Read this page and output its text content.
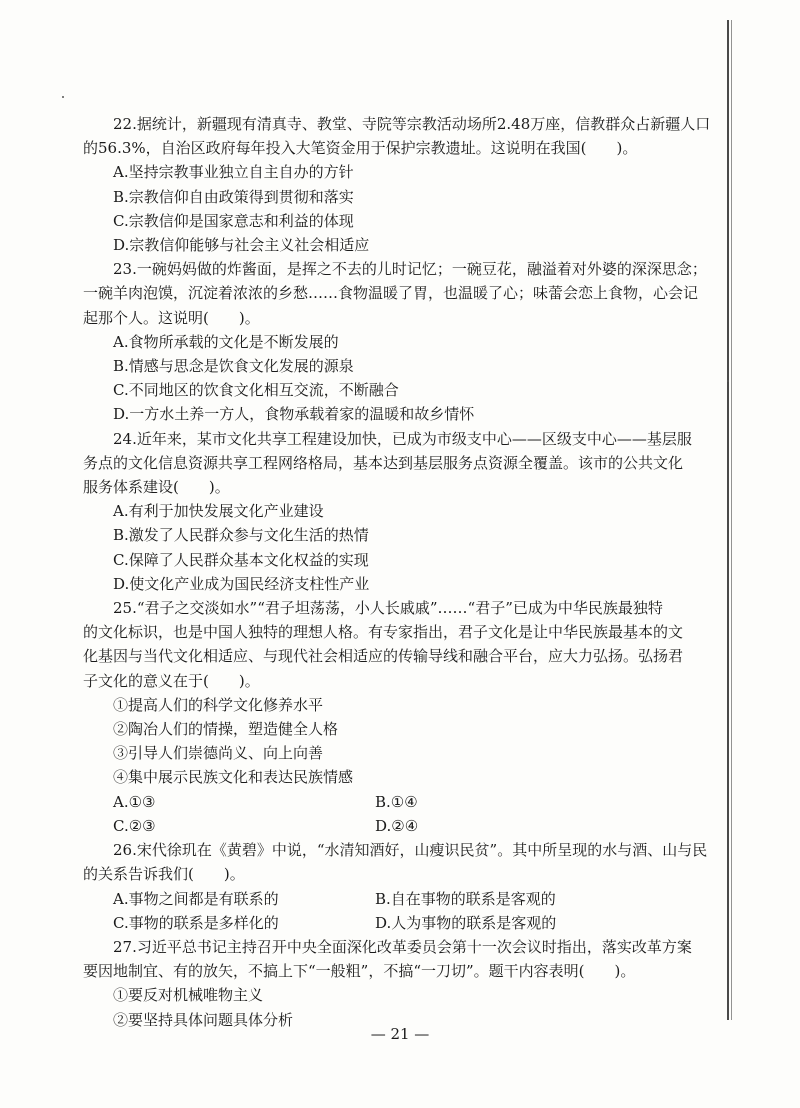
22.据统计，新疆现有清真寺、教堂、寺院等宗教活动场所2.48万座，信教群众占新疆人口

的56.3%，自治区政府每年投入大笔资金用于保护宗教遗址。这说明在我国(　　)。

A.坚持宗教事业独立自主自办的方针

B.宗教信仰自由政策得到贯彻和落实

C.宗教信仰是国家意志和利益的体现

D.宗教信仰能够与社会主义社会相适应

23.一碗妈妈做的炸酱面，是挥之不去的儿时记忆；一碗豆花，融溢着对外婆的深深思念；

一碗羊肉泡馍，沉淀着浓浓的乡愁……食物温暖了胃，也温暖了心；味蕾会恋上食物，心会记

起那个人。这说明(　　)。

A.食物所承载的文化是不断发展的

B.情感与思念是饮食文化发展的源泉

C.不同地区的饮食文化相互交流，不断融合

D.一方水土养一方人，食物承载着家的温暖和故乡情怀

24.近年来，某市文化共享工程建设加快，已成为市级支中心——区级支中心——基层服

务点的文化信息资源共享工程网络格局，基本达到基层服务点资源全覆盖。该市的公共文化

服务体系建设(　　)。

A.有利于加快发展文化产业建设

B.激发了人民群众参与文化生活的热情

C.保障了人民群众基本文化权益的实现

D.使文化产业成为国民经济支柱性产业

25.“君子之交淡如水”“君子坦荡荡，小人长戚戚”……“君子”已成为中华民族最独特

的文化标识，也是中国人独特的理想人格。有专家指出，君子文化是让中华民族最基本的文

化基因与当代文化相适应、与现代社会相适应的传输导线和融合平台，应大力弘扬。弘扬君

子文化的意义在于(　　)。

①提高人们的科学文化修养水平

②陶冶人们的情操，塑造健全人格

③引导人们崇德尚义、向上向善

④集中展示民族文化和表达民族情感

A.①③	B.①④

C.②③	D.②④

26.宋代徐玑在《黄碧》中说，“水清知酒好，山瘦识民贫”。其中所呈现的水与酒、山与民

的关系告诉我们(　　)。

A.事物之间都是有联系的	B.自在事物的联系是客观的

C.事物的联系是多样化的	D.人为事物的联系是客观的

27.习近平总书记主持召开中央全面深化改革委员会第十一次会议时指出，落实改革方案

要因地制宜、有的放矢，不搞上下“一般粗”，不搞“一刀切”。题干内容表明(　　)。

①要反对机械唯物主义

②要坚持具体问题具体分析

— 21 —
